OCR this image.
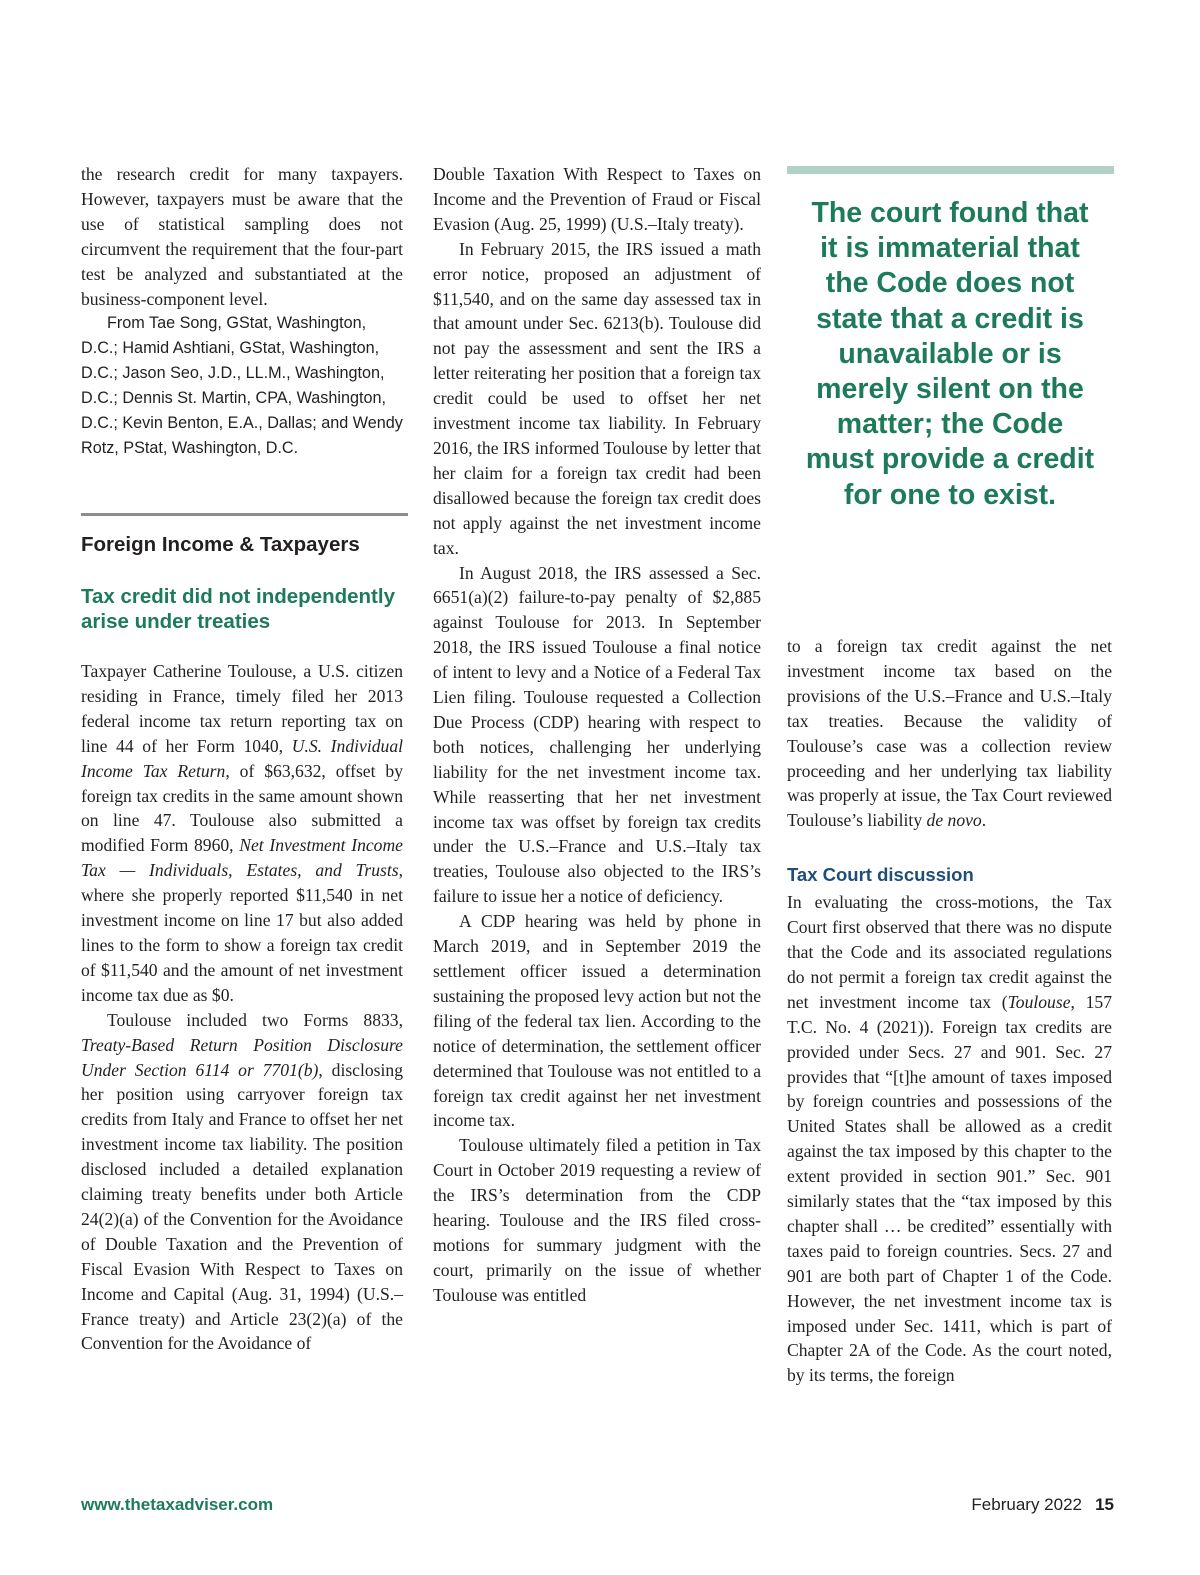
the research credit for many taxpayers. However, taxpayers must be aware that the use of statistical sampling does not circumvent the requirement that the four-part test be analyzed and substantiated at the business-component level.

From Tae Song, GStat, Washington, D.C.; Hamid Ashtiani, GStat, Washington, D.C.; Jason Seo, J.D., LL.M., Washington, D.C.; Dennis St. Martin, CPA, Washington, D.C.; Kevin Benton, E.A., Dallas; and Wendy Rotz, PStat, Washington, D.C.

Foreign Income & Taxpayers
Tax credit did not independently arise under treaties

Taxpayer Catherine Toulouse, a U.S. citizen residing in France, timely filed her 2013 federal income tax return reporting tax on line 44 of her Form 1040, U.S. Individual Income Tax Return, of $63,632, offset by foreign tax credits in the same amount shown on line 47. Toulouse also submitted a modified Form 8960, Net Investment Income Tax — Individuals, Estates, and Trusts, where she properly reported $11,540 in net investment income on line 17 but also added lines to the form to show a foreign tax credit of $11,540 and the amount of net investment income tax due as $0.

Toulouse included two Forms 8833, Treaty-Based Return Position Disclosure Under Section 6114 or 7701(b), disclosing her position using carryover foreign tax credits from Italy and France to offset her net investment income tax liability. The position disclosed included a detailed explanation claiming treaty benefits under both Article 24(2)(a) of the Convention for the Avoidance of Double Taxation and the Prevention of Fiscal Evasion With Respect to Taxes on Income and Capital (Aug. 31, 1994) (U.S.–France treaty) and Article 23(2)(a) of the Convention for the Avoidance of

Double Taxation With Respect to Taxes on Income and the Prevention of Fraud or Fiscal Evasion (Aug. 25, 1999) (U.S.–Italy treaty).

In February 2015, the IRS issued a math error notice, proposed an adjustment of $11,540, and on the same day assessed tax in that amount under Sec. 6213(b). Toulouse did not pay the assessment and sent the IRS a letter reiterating her position that a foreign tax credit could be used to offset her net investment income tax liability. In February 2016, the IRS informed Toulouse by letter that her claim for a foreign tax credit had been disallowed because the foreign tax credit does not apply against the net investment income tax.

In August 2018, the IRS assessed a Sec. 6651(a)(2) failure-to-pay penalty of $2,885 against Toulouse for 2013. In September 2018, the IRS issued Toulouse a final notice of intent to levy and a Notice of a Federal Tax Lien filing. Toulouse requested a Collection Due Process (CDP) hearing with respect to both notices, challenging her underlying liability for the net investment income tax. While reasserting that her net investment income tax was offset by foreign tax credits under the U.S.–France and U.S.–Italy tax treaties, Toulouse also objected to the IRS’s failure to issue her a notice of deficiency.

A CDP hearing was held by phone in March 2019, and in September 2019 the settlement officer issued a determination sustaining the proposed levy action but not the filing of the federal tax lien. According to the notice of determination, the settlement officer determined that Toulouse was not entitled to a foreign tax credit against her net investment income tax.

Toulouse ultimately filed a petition in Tax Court in October 2019 requesting a review of the IRS’s determination from the CDP hearing. Toulouse and the IRS filed cross-motions for summary judgment with the court, primarily on the issue of whether Toulouse was entitled

The court found that it is immaterial that the Code does not state that a credit is unavailable or is merely silent on the matter; the Code must provide a credit for one to exist.

to a foreign tax credit against the net investment income tax based on the provisions of the U.S.–France and U.S.–Italy tax treaties. Because the validity of Toulouse’s case was a collection review proceeding and her underlying tax liability was properly at issue, the Tax Court reviewed Toulouse’s liability de novo.

Tax Court discussion

In evaluating the cross-motions, the Tax Court first observed that there was no dispute that the Code and its associated regulations do not permit a foreign tax credit against the net investment income tax (Toulouse, 157 T.C. No. 4 (2021)). Foreign tax credits are provided under Secs. 27 and 901. Sec. 27 provides that “[t]he amount of taxes imposed by foreign countries and possessions of the United States shall be allowed as a credit against the tax imposed by this chapter to the extent provided in section 901.” Sec. 901 similarly states that the “tax imposed by this chapter shall … be credited” essentially with taxes paid to foreign countries. Secs. 27 and 901 are both part of Chapter 1 of the Code. However, the net investment income tax is imposed under Sec. 1411, which is part of Chapter 2A of the Code. As the court noted, by its terms, the foreign

www.thetaxadviser.com	February 2022 15
